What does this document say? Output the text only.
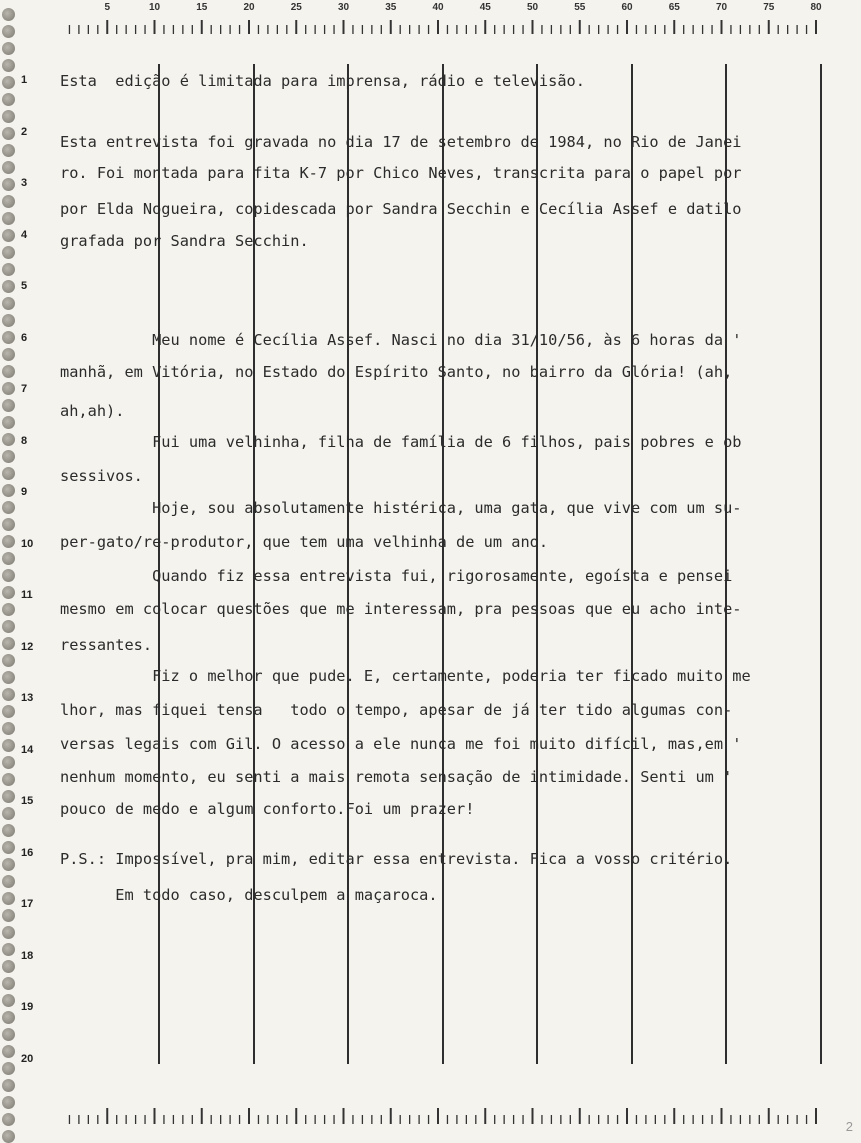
1
2
3
4
5
6
7
8
9
10
11
12
13
14
15
16
17
18
19
20
5	10	15	20	25	30	35	40	45	50	55	60	65	70	75	80
Esta  edição é limitada para imprensa, rádio e televisão.
Esta entrevista foi gravada no dia 17 de setembro de 1984, no Rio de Janei
ro. Foi montada para fita K-7 por Chico Neves, transcrita para o papel por
por Elda Nogueira, copidescada por Sandra Secchin e Cecília Assef e datilo
grafada por Sandra Secchin.
Meu nome é Cecília Assef. Nasci no dia 31/10/56, às 6 horas da '
manhã, em Vitória, no Estado do Espírito Santo, no bairro da Glória! (ah,
ah,ah).
Fui uma velhinha, filha de família de 6 filhos, pais pobres e ob
sessivos.
Hoje, sou absolutamente histérica, uma gata, que vive com um su-
per-gato/re-produtor, que tem uma velhinha de um ano.
Quando fiz essa entrevista fui, rigorosamente, egoísta e pensei
mesmo em colocar questões que me interessam, pra pessoas que eu acho inte-
ressantes.
Fiz o melhor que pude. E, certamente, poderia ter ficado muito me
lhor, mas fiquei tensa   todo o tempo, apesar de já ter tido algumas con-
versas legais com Gil. O acesso a ele nunca me foi muito difícil, mas,em '
nenhum momento, eu senti a mais remota sensação de intimidade. Senti um '
pouco de medo e algum conforto.Foi um prazer!
P.S.: Impossível, pra mim, editar essa entrevista. Fica a vosso critério.
Em todo caso, desculpem a maçaroca.
2
